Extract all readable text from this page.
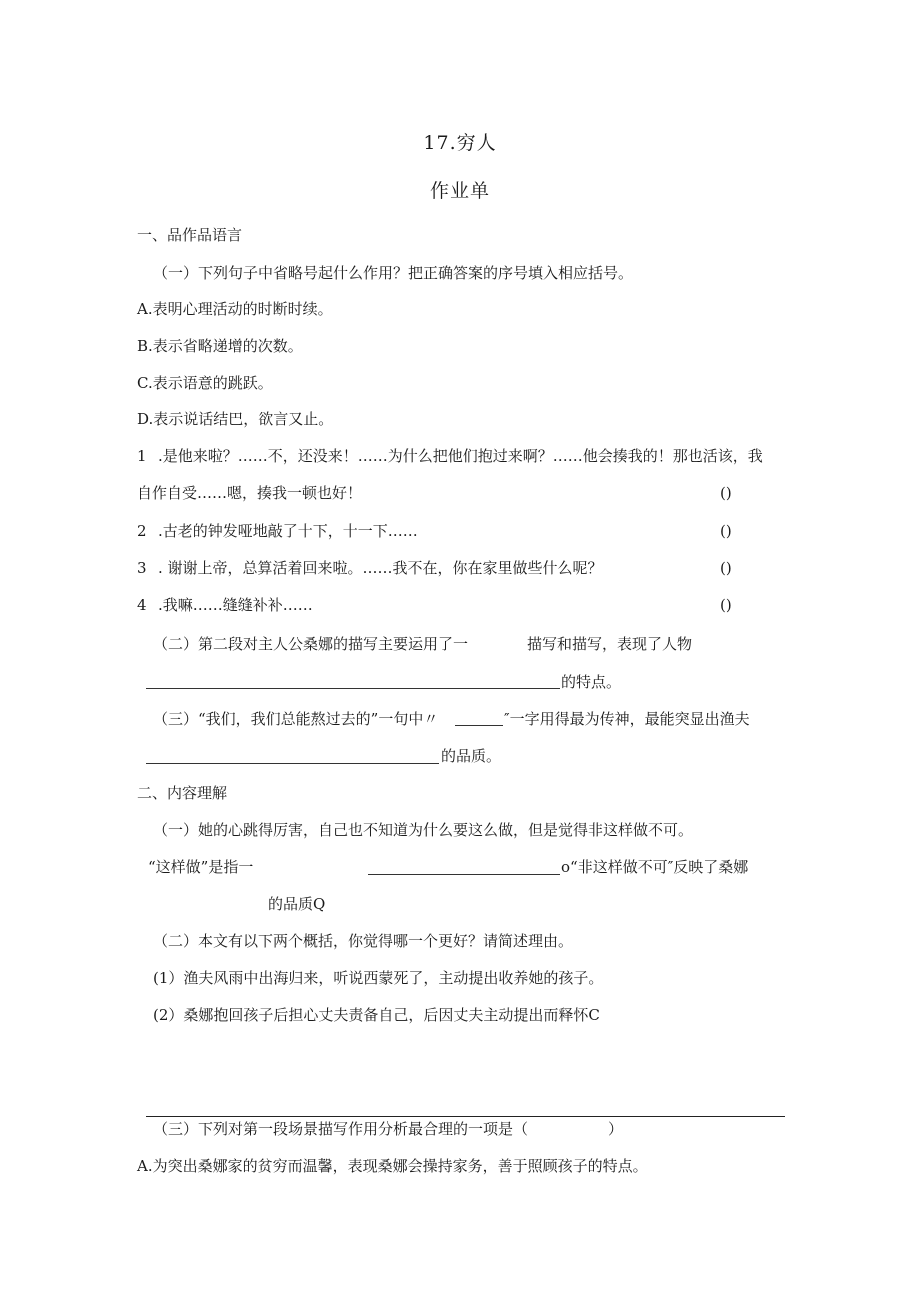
17.穷人
作业单
一、品作品语言
（一）下列句子中省略号起什么作用？把正确答案的序号填入相应括号。
A.表明心理活动的时断时续。
B.表示省略递增的次数。
C.表示语意的跳跃。
D.表示说话结巴，欲言又止。
1 .是他来啦？……不，还没来！……为什么把他们抱过来啊？……他会揍我的！那也活该，我
自作自受……嗯，揍我一顿也好！	()
2 .古老的钟发哑地敲了十下，十一下……	()
3 . 谢谢上帝，总算活着回来啦。……我不在，你在家里做些什么呢？	()
4 .我嘛……缝缝补补……	()
（二）第二段对主人公桑娜的描写主要运用了一	描写和描写，表现了人物
的特点。
（三）“我们，我们总能熬过去的”一句中〃	″一字用得最为传神，最能突显出渔夫
的品质。
二、内容理解
（一）她的心跳得厉害，自己也不知道为什么要这么做，但是觉得非这样做不可。
“这样做”是指一	o“非这样做不可″反映了桑娜
的品质Q
（二）本文有以下两个概括，你觉得哪一个更好？请简述理由。
(1）渔夫风雨中出海归来，听说西蒙死了，主动提出收养她的孩子。
(2）桑娜抱回孩子后担心丈夫责备自己，后因丈夫主动提出而释怀C
（三）下列对第一段场景描写作用分析最合理的一项是（	）
A.为突出桑娜家的贫穷而温馨，表现桑娜会操持家务，善于照顾孩子的特点。
